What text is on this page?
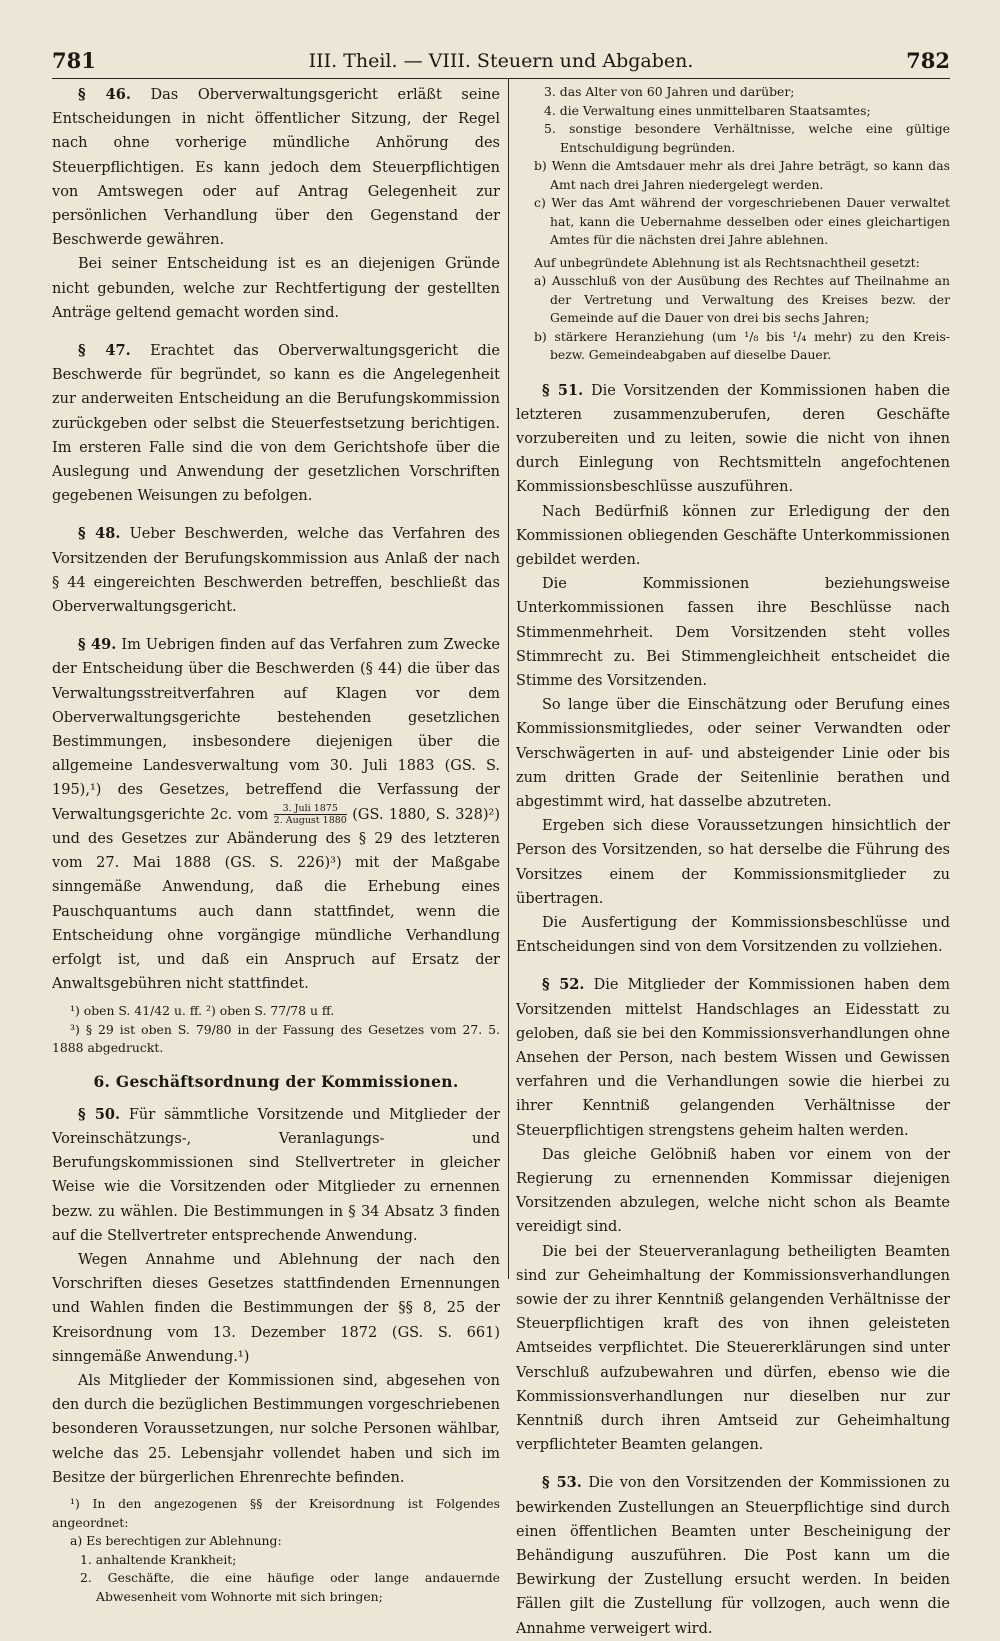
781	III. Theil. — VIII. Steuern und Abgaben.	782

§ 46. Das Oberverwaltungsgericht erläßt seine Entscheidungen in nicht öffentlicher Sitzung, der Regel nach ohne vorherige mündliche Anhörung des Steuerpflichtigen. Es kann jedoch dem Steuerpflichtigen von Amtswegen oder auf Antrag Gelegenheit zur persönlichen Verhandlung über den Gegenstand der Beschwerde gewähren.

Bei seiner Entscheidung ist es an diejenigen Gründe nicht gebunden, welche zur Rechtfertigung der gestellten Anträge geltend gemacht worden sind.

§ 47. Erachtet das Oberverwaltungsgericht die Beschwerde für begründet, so kann es die Angelegenheit zur anderweiten Entscheidung an die Berufungskommission zurückgeben oder selbst die Steuerfestsetzung berichtigen. Im ersteren Falle sind die von dem Gerichtshofe über die Auslegung und Anwendung der gesetzlichen Vorschriften gegebenen Weisungen zu befolgen.

§ 48. Ueber Beschwerden, welche das Verfahren des Vorsitzenden der Berufungskommission aus Anlaß der nach § 44 eingereichten Beschwerden betreffen, beschließt das Oberverwaltungsgericht.

§ 49. Im Uebrigen finden auf das Verfahren zum Zwecke der Entscheidung über die Beschwerden (§ 44) die über das Verwaltungsstreitverfahren auf Klagen vor dem Oberverwaltungsgerichte bestehenden gesetzlichen Bestimmungen, insbesondere diejenigen über die allgemeine Landesverwaltung vom 30. Juli 1883 (GS. S. 195),¹) des Gesetzes, betreffend die Verfassung der Verwaltungsgerichte 2c. vom	3. Juli 1875
2. August 1880 (GS. 1880, S. 328)²) und des Gesetzes zur Abänderung des § 29 des letzteren vom 27. Mai 1888 (GS. S. 226)³) mit der Maßgabe sinngemäße Anwendung, daß die Erhebung eines Pauschquantums auch dann stattfindet, wenn die Entscheidung ohne vorgängige mündliche Verhandlung erfolgt ist, und daß ein Anspruch auf Ersatz der Anwaltsgebühren nicht stattfindet.

¹) oben S. 41/42 u. ff. ²) oben S. 77/78 u ff.

³) § 29 ist oben S. 79/80 in der Fassung des Gesetzes vom 27. 5. 1888 abgedruckt.

6. Geschäftsordnung der Kommissionen.

§ 50. Für sämmtliche Vorsitzende und Mitglieder der Voreinschätzungs-, Veranlagungs- und Berufungskommissionen sind Stellvertreter in gleicher Weise wie die Vorsitzenden oder Mitglieder zu ernennen bezw. zu wählen. Die Bestimmungen in § 34 Absatz 3 finden auf die Stellvertreter entsprechende Anwendung.

Wegen Annahme und Ablehnung der nach den Vorschriften dieses Gesetzes stattfindenden Ernennungen und Wahlen finden die Bestimmungen der §§ 8, 25 der Kreisordnung vom 13. Dezember 1872 (GS. S. 661) sinngemäße Anwendung.¹)

Als Mitglieder der Kommissionen sind, abgesehen von den durch die bezüglichen Bestimmungen vorgeschriebenen besonderen Voraussetzungen, nur solche Personen wählbar, welche das 25. Lebensjahr vollendet haben und sich im Besitze der bürgerlichen Ehrenrechte befinden.

¹) In den angezogenen §§ der Kreisordnung ist Folgendes angeordnet:

a) Es berechtigen zur Ablehnung:

1. anhaltende Krankheit;

2. Geschäfte, die eine häufige oder lange andauernde Abwesenheit vom Wohnorte mit sich bringen;

3. das Alter von 60 Jahren und darüber;

4. die Verwaltung eines unmittelbaren Staatsamtes;

5. sonstige besondere Verhältnisse, welche eine gültige Entschuldigung begründen.

b) Wenn die Amtsdauer mehr als drei Jahre beträgt, so kann das Amt nach drei Jahren niedergelegt werden.

c) Wer das Amt während der vorgeschriebenen Dauer verwaltet hat, kann die Uebernahme desselben oder eines gleichartigen Amtes für die nächsten drei Jahre ablehnen.

Auf unbegründete Ablehnung ist als Rechtsnachtheil gesetzt:

a) Ausschluß von der Ausübung des Rechtes auf Theilnahme an der Vertretung und Verwaltung des Kreises bezw. der Gemeinde auf die Dauer von drei bis sechs Jahren;

b) stärkere Heranziehung (um ¹/₈ bis ¹/₄ mehr) zu den Kreis- bezw. Gemeindeabgaben auf dieselbe Dauer.

§ 51. Die Vorsitzenden der Kommissionen haben die letzteren zusammenzuberufen, deren Geschäfte vorzubereiten und zu leiten, sowie die nicht von ihnen durch Einlegung von Rechtsmitteln angefochtenen Kommissionsbeschlüsse auszuführen.

Nach Bedürfniß können zur Erledigung der den Kommissionen obliegenden Geschäfte Unterkommissionen gebildet werden.

Die Kommissionen beziehungsweise Unterkommissionen fassen ihre Beschlüsse nach Stimmenmehrheit. Dem Vorsitzenden steht volles Stimmrecht zu. Bei Stimmengleichheit entscheidet die Stimme des Vorsitzenden.

So lange über die Einschätzung oder Berufung eines Kommissionsmitgliedes, oder seiner Verwandten oder Verschwägerten in auf- und absteigender Linie oder bis zum dritten Grade der Seitenlinie berathen und abgestimmt wird, hat dasselbe abzutreten.

Ergeben sich diese Voraussetzungen hinsichtlich der Person des Vorsitzenden, so hat derselbe die Führung des Vorsitzes einem der Kommissionsmitglieder zu übertragen.

Die Ausfertigung der Kommissionsbeschlüsse und Entscheidungen sind von dem Vorsitzenden zu vollziehen.

§ 52. Die Mitglieder der Kommissionen haben dem Vorsitzenden mittelst Handschlages an Eidesstatt zu geloben, daß sie bei den Kommissionsverhandlungen ohne Ansehen der Person, nach bestem Wissen und Gewissen verfahren und die Verhandlungen sowie die hierbei zu ihrer Kenntniß gelangenden Verhältnisse der Steuerpflichtigen strengstens geheim halten werden.

Das gleiche Gelöbniß haben vor einem von der Regierung zu ernennenden Kommissar diejenigen Vorsitzenden abzulegen, welche nicht schon als Beamte vereidigt sind.

Die bei der Steuerveranlagung betheiligten Beamten sind zur Geheimhaltung der Kommissionsverhandlungen sowie der zu ihrer Kenntniß gelangenden Verhältnisse der Steuerpflichtigen kraft des von ihnen geleisteten Amtseides verpflichtet. Die Steuererklärungen sind unter Verschluß aufzubewahren und dürfen, ebenso wie die Kommissionsverhandlungen nur dieselben nur zur Kenntniß durch ihren Amtseid zur Geheimhaltung verpflichteter Beamten gelangen.

§ 53. Die von den Vorsitzenden der Kommissionen zu bewirkenden Zustellungen an Steuerpflichtige sind durch einen öffentlichen Beamten unter Bescheinigung der Behändigung auszuführen. Die Post kann um die Bewirkung der Zustellung ersucht werden. In beiden Fällen gilt die Zustellung für vollzogen, auch wenn die Annahme verweigert wird.
